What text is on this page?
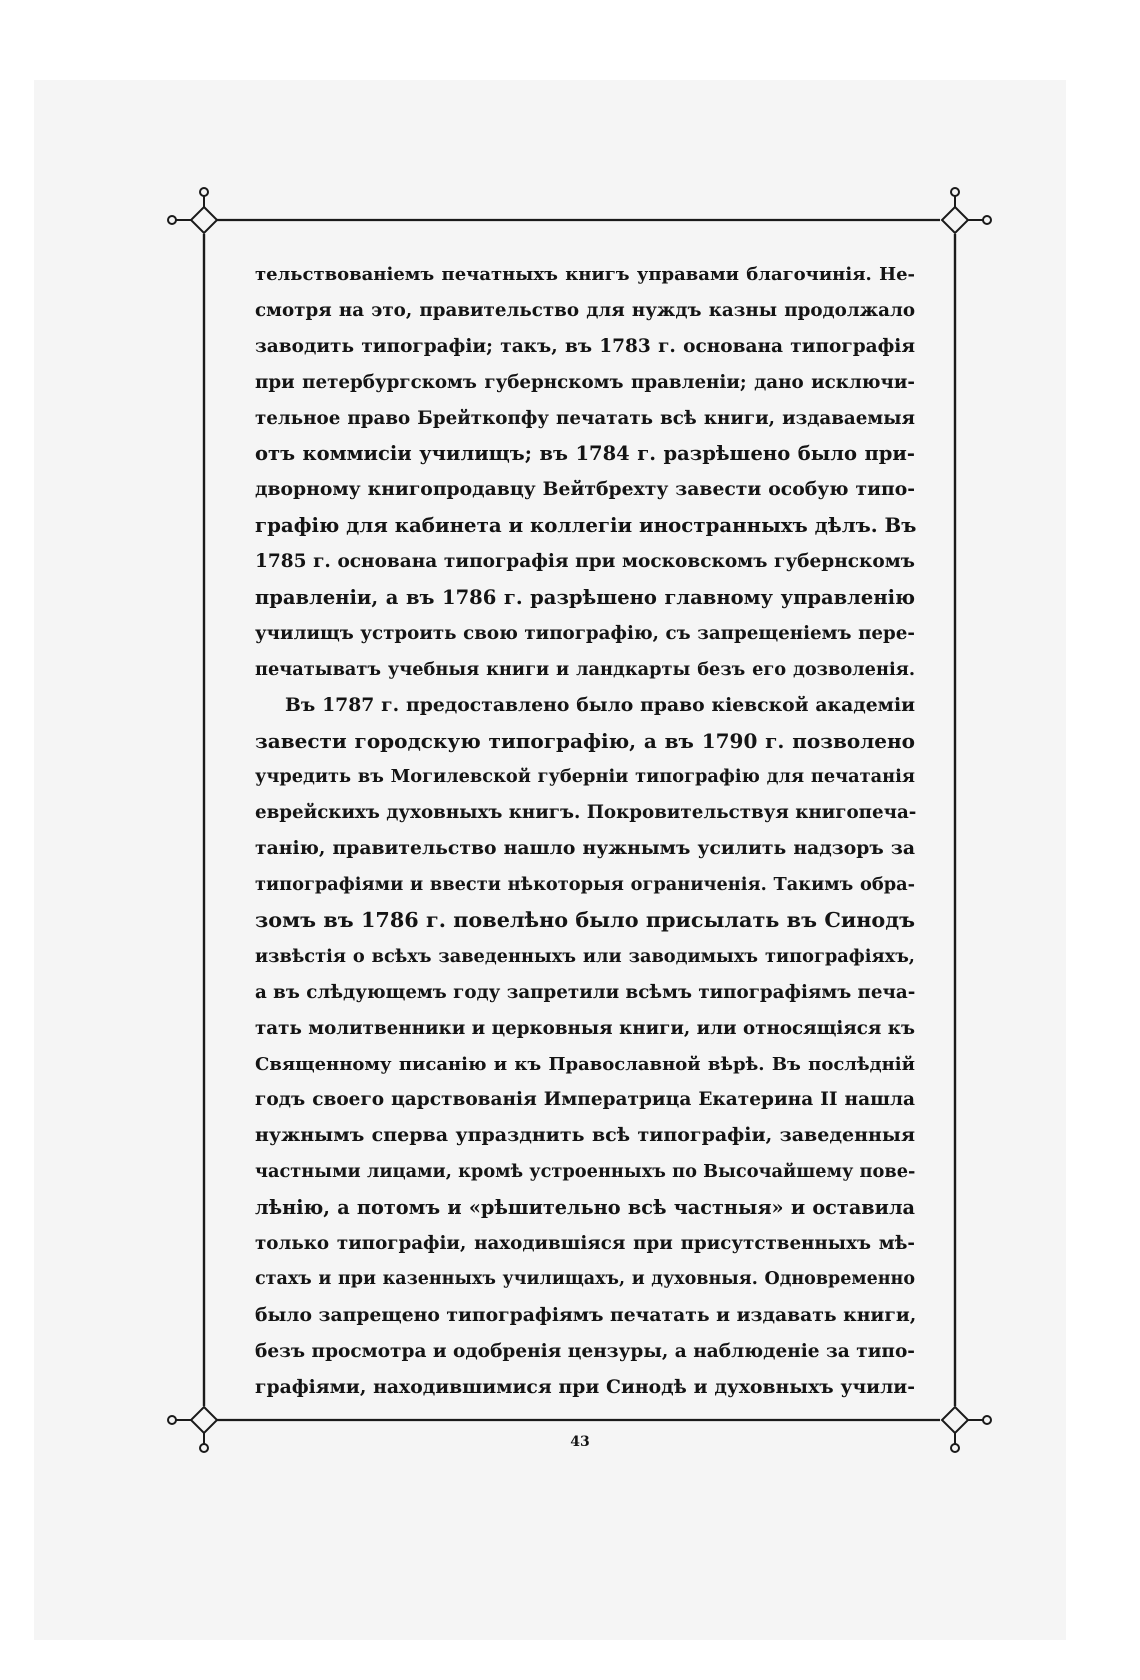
тельствованіемъ печатныхъ книгъ управами благочинія. Не-
смотря на это, правительство для нуждъ казны продолжало
заводить типографіи; такъ, въ 1783 г. основана типографія
при петербургскомъ губернскомъ правленіи; дано исключи-
тельное право Брейткопфу печатать всѣ книги, издаваемыя
отъ коммисіи училищъ; въ 1784 г. разрѣшено было при-
дворному книгопродавцу Вейтбрехту завести особую типо-
графію для кабинета и коллегіи иностранныхъ дѣлъ. Въ
1785 г. основана типографія при московскомъ губернскомъ
правленіи, а въ 1786 г. разрѣшено главному управленію
училищъ устроить свою типографію, съ запрещеніемъ пере-
печатыватъ учебныя книги и ландкарты безъ его дозволенія.
Въ 1787 г. предоставлено было право кіевской академіи
завести городскую типографію, а въ 1790 г. позволено
учредить въ Могилевской губерніи типографію для печатанія
еврейскихъ духовныхъ книгъ. Покровительствуя книгопеча-
танію, правительство нашло нужнымъ усилить надзоръ за
типографіями и ввести нѣкоторыя ограниченія. Такимъ обра-
зомъ въ 1786 г. повелѣно было присылать въ Синодъ
извѣстія о всѣхъ заведенныхъ или заводимыхъ типографіяхъ,
а въ слѣдующемъ году запретили всѣмъ типографіямъ печа-
тать молитвенники и церковныя книги, или относящіяся къ
Священному писанію и къ Православной вѣрѣ. Въ послѣдній
годъ своего царствованія Императрица Екатерина II нашла
нужнымъ сперва упразднить всѣ типографіи, заведенныя
частными лицами, кромѣ устроенныхъ по Высочайшему пове-
лѣнію, а потомъ и «рѣшительно всѣ частныя» и оставила
только типографіи, находившіяся при присутственныхъ мѣ-
стахъ и при казенныхъ училищахъ, и духовныя. Одновременно
было запрещено типографіямъ печатать и издавать книги,
безъ просмотра и одобренія цензуры, а наблюденіе за типо-
графіями, находившимися при Синодѣ и духовныхъ учили-
43
